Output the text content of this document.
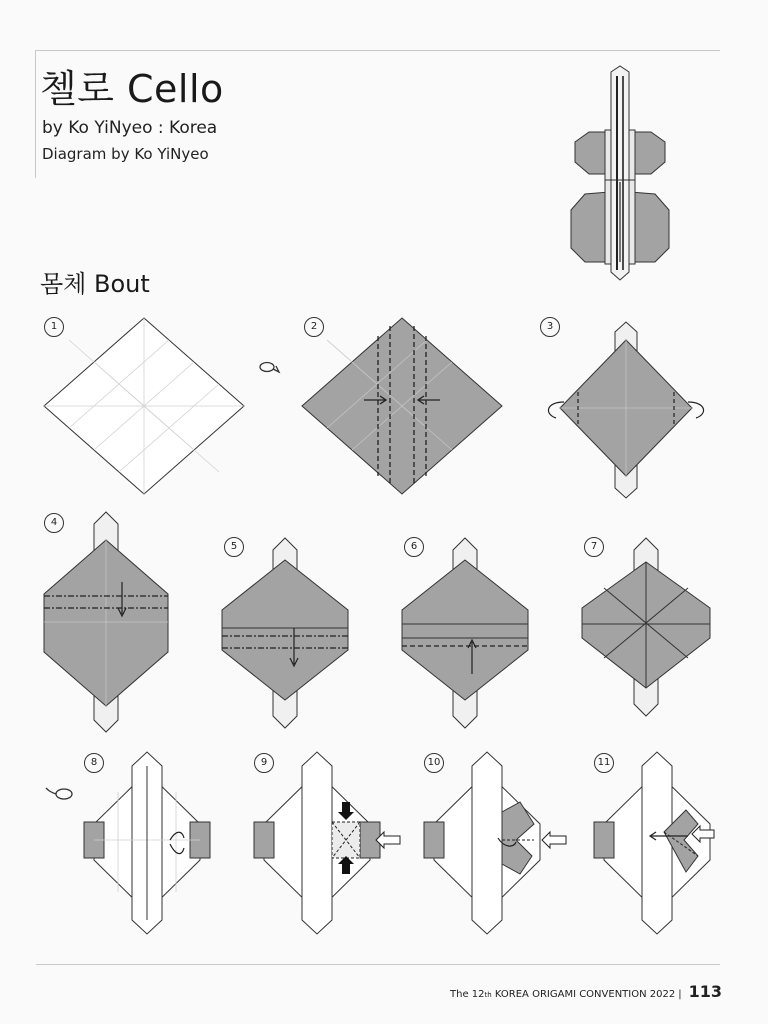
첼로 Cello
by Ko YiNyeo : Korea
Diagram by Ko YiNyeo
몸체 Bout
1	2	3
4
5	6	7
8	9	10	11
The 12th KOREA ORIGAMI CONVENTION 2022 | 113
